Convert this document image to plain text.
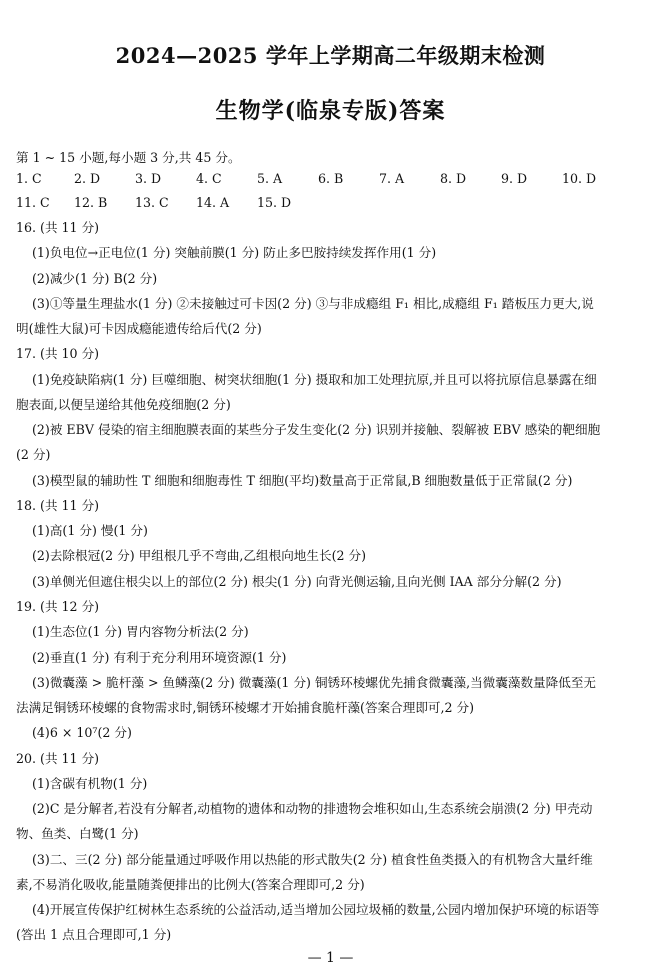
2024—2025 学年上学期高二年级期末检测
生物学(临泉专版)答案
第 1 ~ 15 小题,每小题 3 分,共 45 分。
1. C	2. D	3. D	4. C	5. A	6. B	7. A	8. D	9. D	10. D
11. C 12. B 13. C 14. A 15. D
16. (共 11 分)
(1)负电位→正电位(1 分) 突触前膜(1 分) 防止多巴胺持续发挥作用(1 分)
(2)减少(1 分) B(2 分)
(3)①等量生理盐水(1 分) ②未接触过可卡因(2 分) ③与非成瘾组 F₁ 相比,成瘾组 F₁ 踏板压力更大,说
明(雄性大鼠)可卡因成瘾能遗传给后代(2 分)
17. (共 10 分)
(1)免疫缺陷病(1 分) 巨噬细胞、树突状细胞(1 分) 摄取和加工处理抗原,并且可以将抗原信息暴露在细
胞表面,以便呈递给其他免疫细胞(2 分)
(2)被 EBV 侵染的宿主细胞膜表面的某些分子发生变化(2 分) 识别并接触、裂解被 EBV 感染的靶细胞
(2 分)
(3)模型鼠的辅助性 T 细胞和细胞毒性 T 细胞(平均)数量高于正常鼠,B 细胞数量低于正常鼠(2 分)
18. (共 11 分)
(1)高(1 分) 慢(1 分)
(2)去除根冠(2 分) 甲组根几乎不弯曲,乙组根向地生长(2 分)
(3)单侧光但遮住根尖以上的部位(2 分) 根尖(1 分) 向背光侧运输,且向光侧 IAA 部分分解(2 分)
19. (共 12 分)
(1)生态位(1 分) 胃内容物分析法(2 分)
(2)垂直(1 分) 有利于充分利用环境资源(1 分)
(3)微囊藻 > 脆杆藻 > 鱼鳞藻(2 分) 微囊藻(1 分) 铜锈环棱螺优先捕食微囊藻,当微囊藻数量降低至无
法满足铜锈环棱螺的食物需求时,铜锈环棱螺才开始捕食脆杆藻(答案合理即可,2 分)
(4)6 × 10⁷(2 分)
20. (共 11 分)
(1)含碳有机物(1 分)
(2)C 是分解者,若没有分解者,动植物的遗体和动物的排遗物会堆积如山,生态系统会崩溃(2 分) 甲壳动
物、鱼类、白鹭(1 分)
(3)二、三(2 分) 部分能量通过呼吸作用以热能的形式散失(2 分) 植食性鱼类摄入的有机物含大量纤维
素,不易消化吸收,能量随粪便排出的比例大(答案合理即可,2 分)
(4)开展宣传保护红树林生态系统的公益活动,适当增加公园垃圾桶的数量,公园内增加保护环境的标语等
(答出 1 点且合理即可,1 分)
— 1 —
